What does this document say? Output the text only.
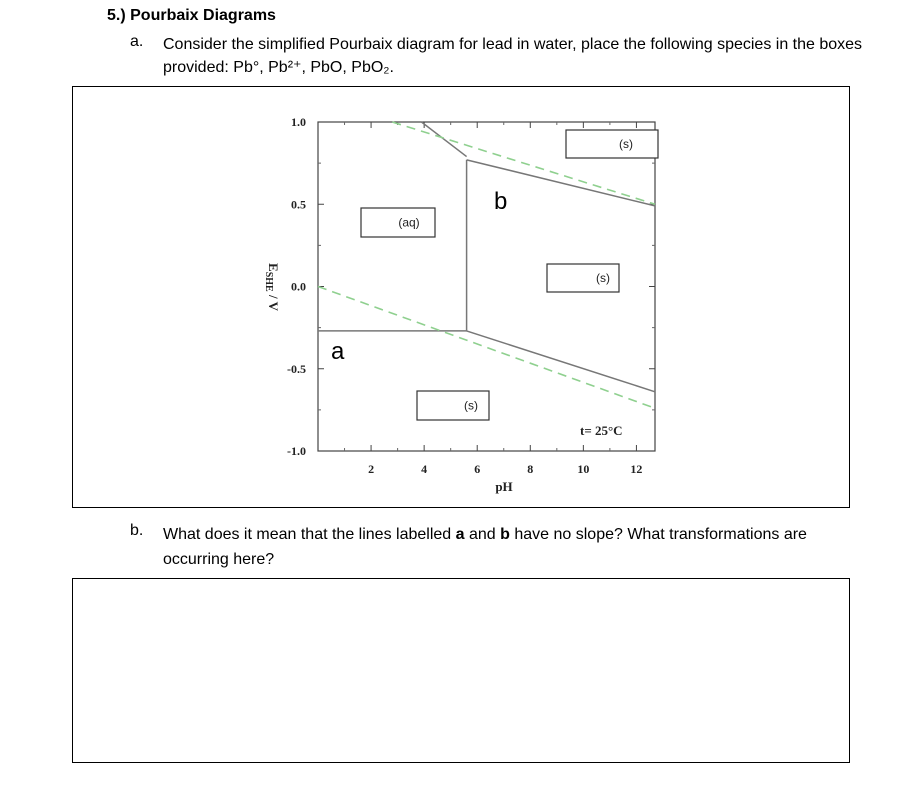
5.) Pourbaix Diagrams
a. Consider the simplified Pourbaix diagram for lead in water, place the following species in the boxes provided: Pb°, Pb²⁺, PbO, PbO₂.
2	4	6	8	10	12
1.0
0.5
0.0
-0.5
-1.0
pH
$E_{SHE}$ / V
(s)
(aq)
(s)
(s)
a
b
t= 25°C
b. What does it mean that the lines labelled a and b have no slope? What transformations are occurring here?
